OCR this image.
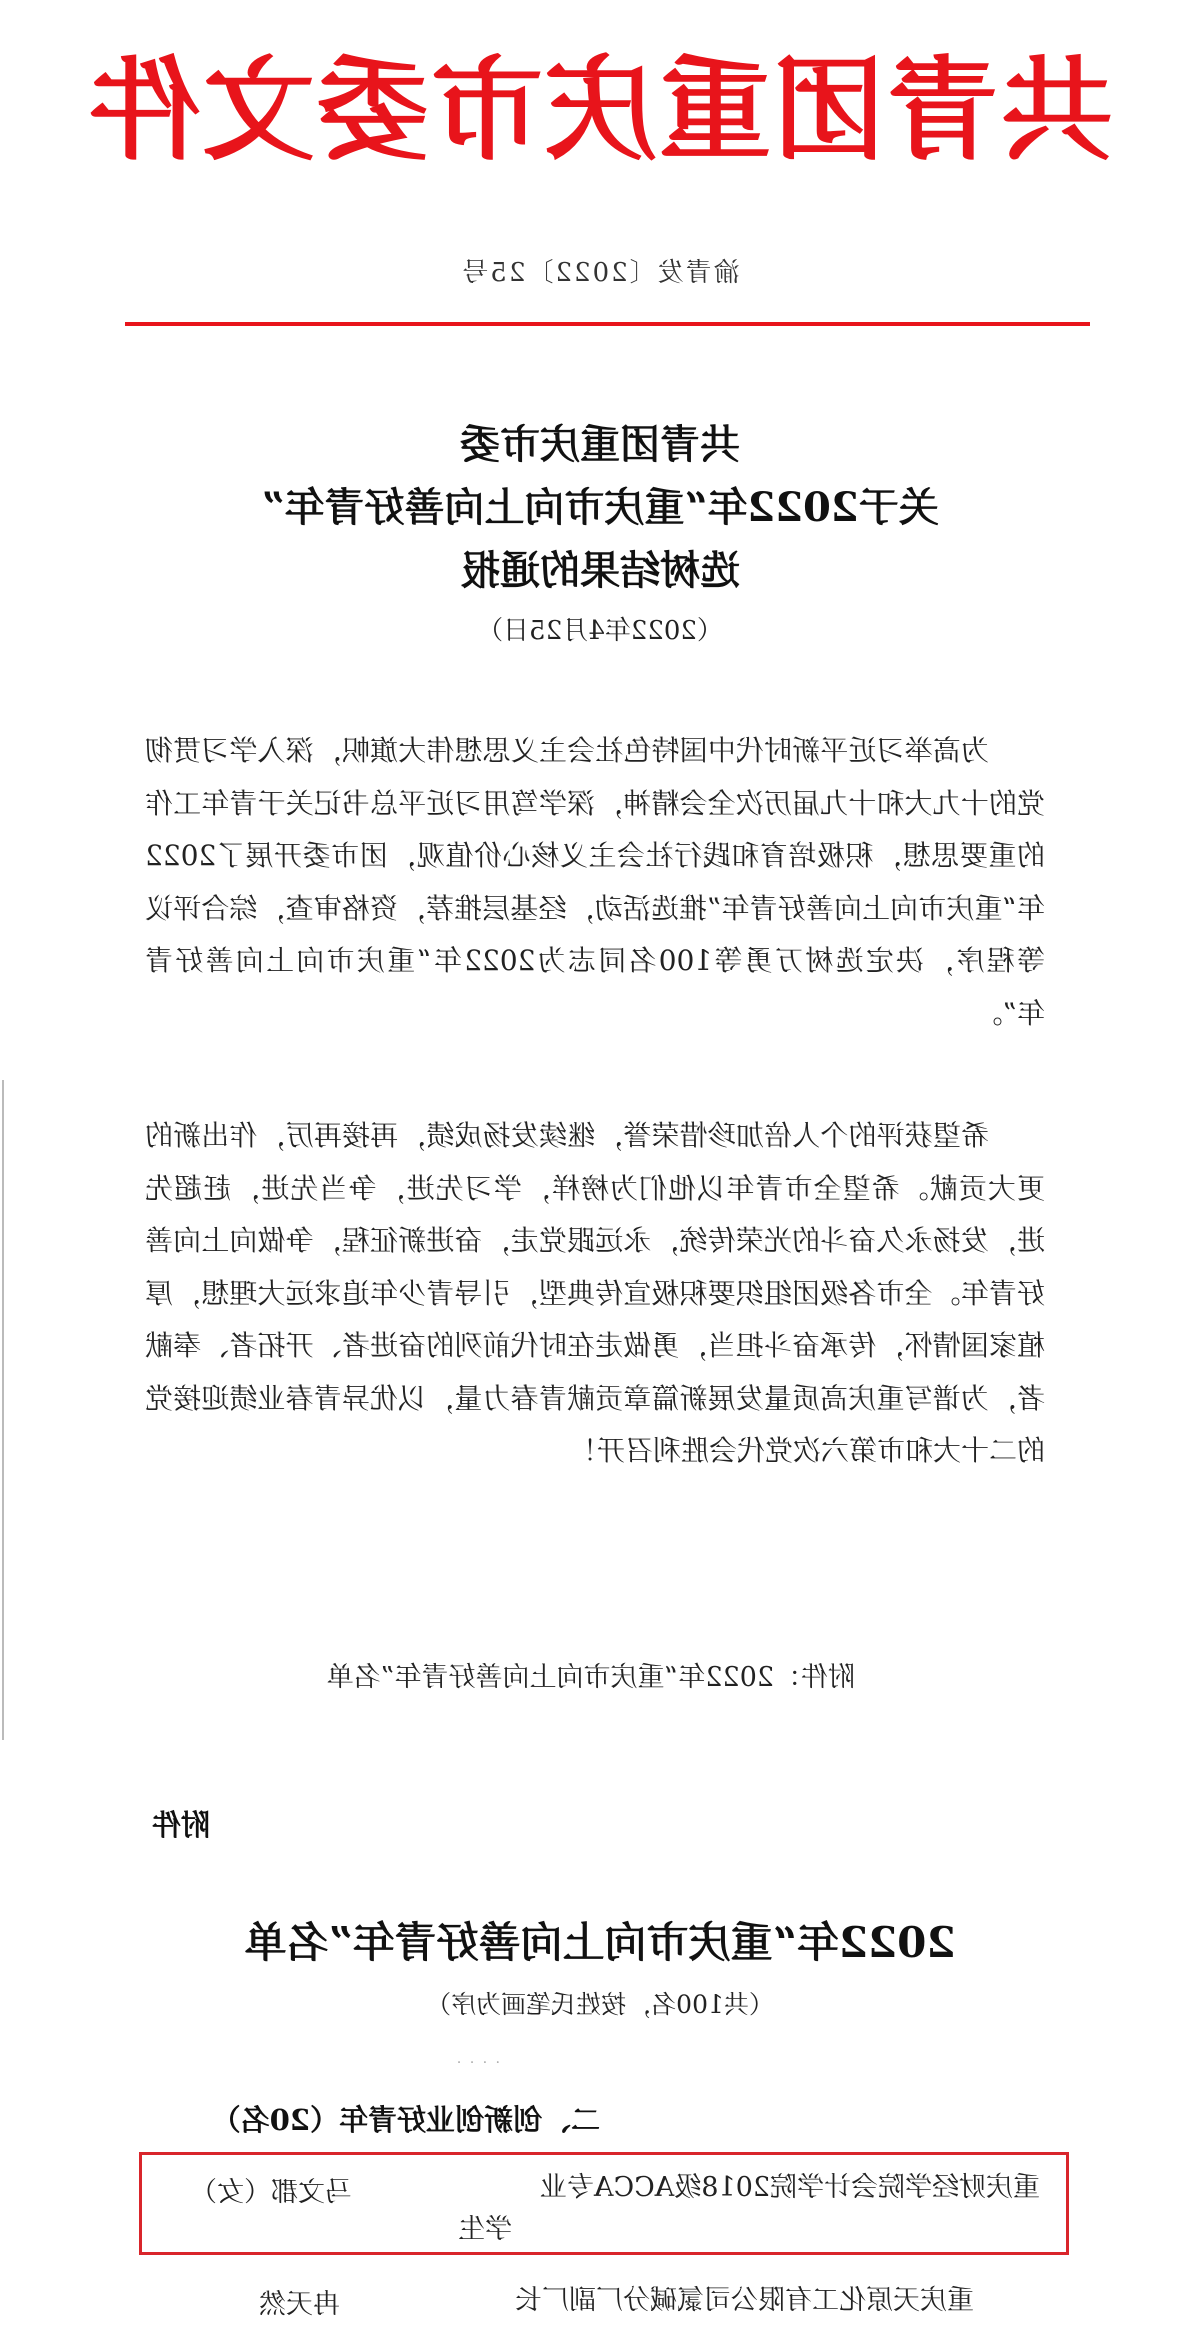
共青团重庆市委文件
渝青发〔2022〕25号
共青团重庆市委
关于2022年“重庆市向上向善好青年”
选树结果的通报
（2022年4月25日）
为高举习近平新时代中国特色社会主义思想伟大旗帜，深入学习贯彻党的十九大和十九届历次全会精神，深学笃用习近平总书记关于青年工作的重要思想，积极培育和践行社会主义核心价值观，团市委开展了2022年“重庆市向上向善好青年”推选活动，经基层推荐，资格审查，综合评议等程序，决定选树万勇等100名同志为2022年“重庆市向上向善好青年”。
希望获评的个人倍加珍惜荣誉，继续发扬成绩，再接再厉，作出新的更大贡献。希望全市青年以他们为榜样，学习先进，争当先进，赶超先进，发扬永久奋斗的光荣传统，永远跟党走，奋进新征程，争做向上向善好青年。全市各级团组织要积极宣传典型，引导青少年追求远大理想，厚植家国情怀，传承奋斗担当，勇做走在时代前列的奋进者、开拓者、奉献者，为谱写重庆高质量发展新篇章贡献青春力量，以优异青春业绩迎接党的二十大和市第六次党代会胜利召开！
附件：2022年“重庆市向上向善好青年”名单
附件
2022年“重庆市向上向善好青年”名单
（共100名，按姓氏笔画为序）
· · · ·
二、创新创业好青年（20名）
马文郡（女）	重庆财经学院会计学院2018级ACCA专业
学生
冉天然	重庆天原化工有限公司氯碱分厂副厂长
